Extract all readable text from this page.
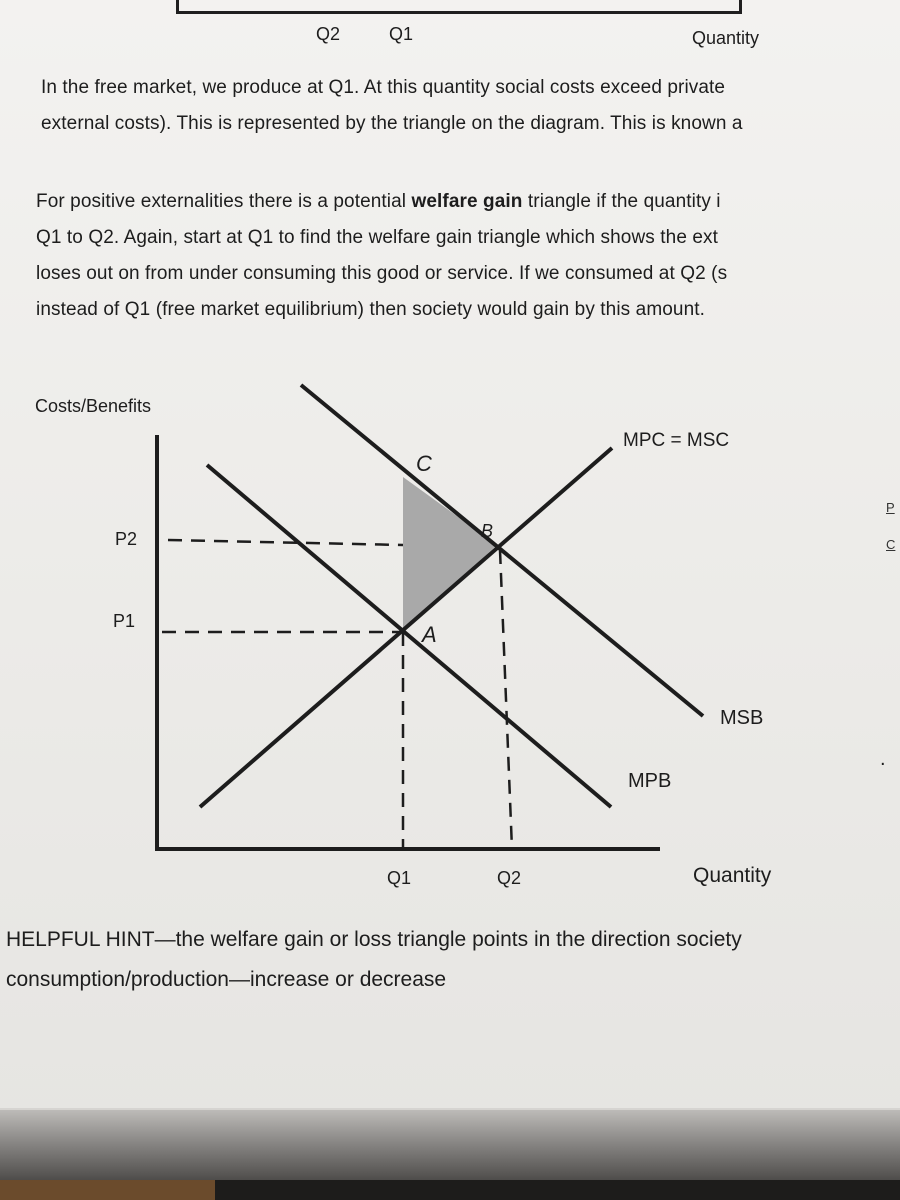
Q2	Q1	Quantity
In the free market, we produce at Q1. At this quantity social costs exceed private
external costs). This is represented by the triangle on the diagram. This is known a
For positive externalities there is a potential welfare gain triangle if the quantity i
Q1 to Q2. Again, start at Q1 to find the welfare gain triangle which shows the ext
loses out on from under consuming this good or service. If we consumed at Q2 (s
instead of Q1 (free market equilibrium) then society would gain by this amount.
Costs/Benefits
Quantity
P2
P1
Q1	Q2
MPC = MSC
MSB
MPB
A
B
C
P
C
.
HELPFUL HINT—the welfare gain or loss triangle points in the direction society
consumption/production—increase or decrease
